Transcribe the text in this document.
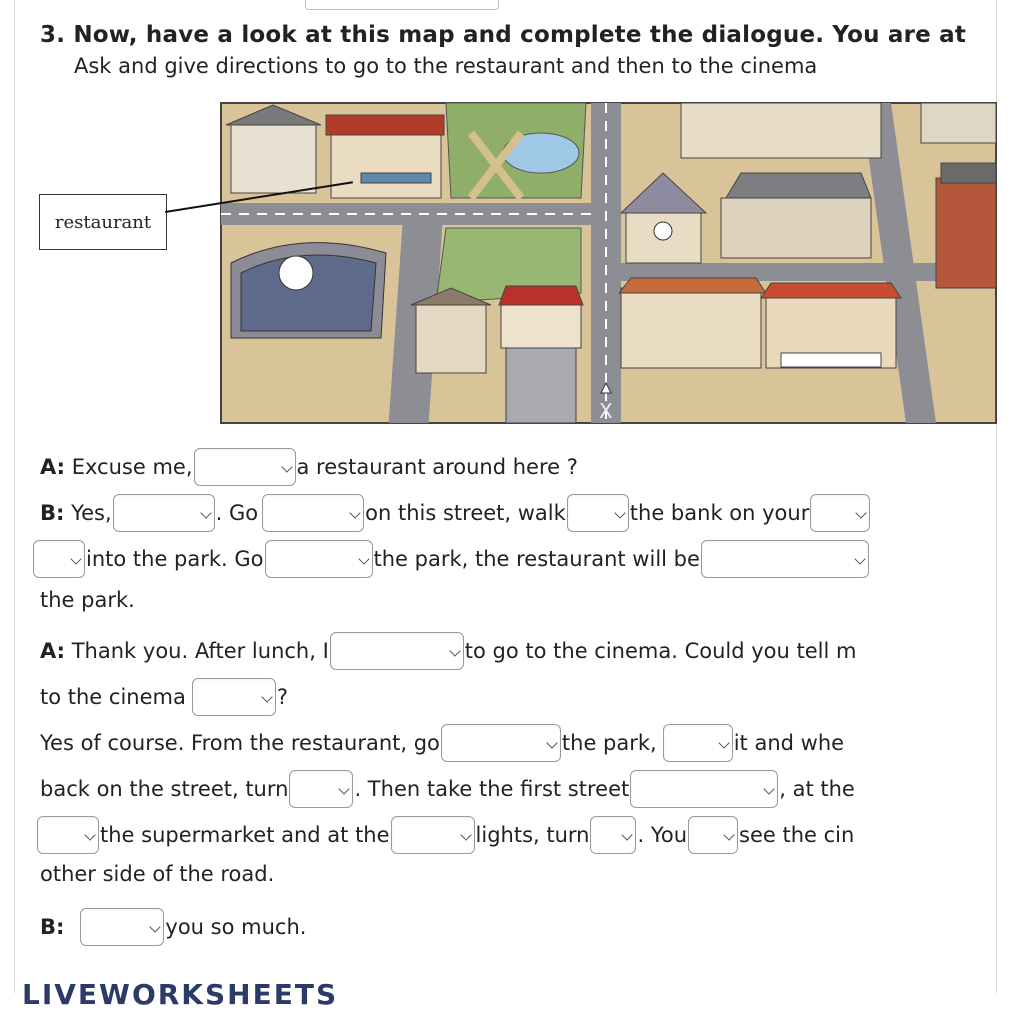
3. Now, have a look at this map and complete the dialogue. You are at
Ask and give directions to go to the restaurant and then to the cinema
X
restaurant
A:
Excuse me,	a restaurant around here ?
B:
Yes,	. Go	on this street, walk	the bank on your
into the park. Go	the park, the restaurant will be
the park.
A:
Thank you. After lunch, I	to go to the cinema. Could you tell m
to the cinema	?
Yes of course. From the restaurant, go	the park,	it and whe
back on the street, turn	. Then take the first street	, at the
the supermarket and at the	lights, turn . You see the cin
other side of the road.
B:	you so much.
LIVEWORKSHEETS
